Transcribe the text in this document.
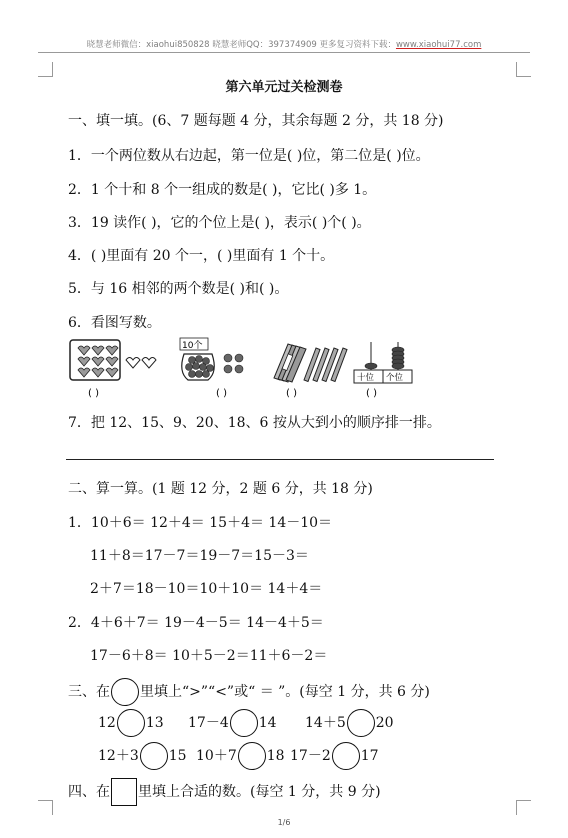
晓慧老师微信：xiaohui850828 晓慧老师QQ：397374909 更多复习资料下载：www.xiaohui77.com
第六单元过关检测卷
一、填一填。(6、7 题每题 4 分，其余每题 2 分，共 18 分)
1．一个两位数从右边起，第一位是( )位，第二位是( )位。
2．1 个十和 8 个一组成的数是( )，它比( )多 1。
3．19 读作( )，它的个位上是( )，表示( )个( )。
4．( )里面有 20 个一，( )里面有 1 个十。
5．与 16 相邻的两个数是( )和( )。
6．看图写数。
( )
10个
( )	( )
十位 个位
( )
7．把 12、15、9、20、18、6 按从大到小的顺序排一排。
二、算一算。(1 题 12 分，2 题 6 分，共 18 分)
1．10＋6＝ 12＋4＝ 15＋4＝ 14－10＝
11＋8＝17－7＝19－7＝15－3＝
2＋7＝18－10＝10＋10＝ 14＋4＝
2．4＋6＋7＝ 19－4－5＝ 14－4＋5＝
17－6＋8＝ 10＋5－2＝11＋6－2＝
三、在 里填上“>”“<”或“ ＝ ”。(每空 1 分，共 6 分)
12 13 17－4 14 14＋5 20
12＋3 15 10＋7 18 17－2 17
四、在 里填上合适的数。(每空 1 分，共 9 分)
1/6
